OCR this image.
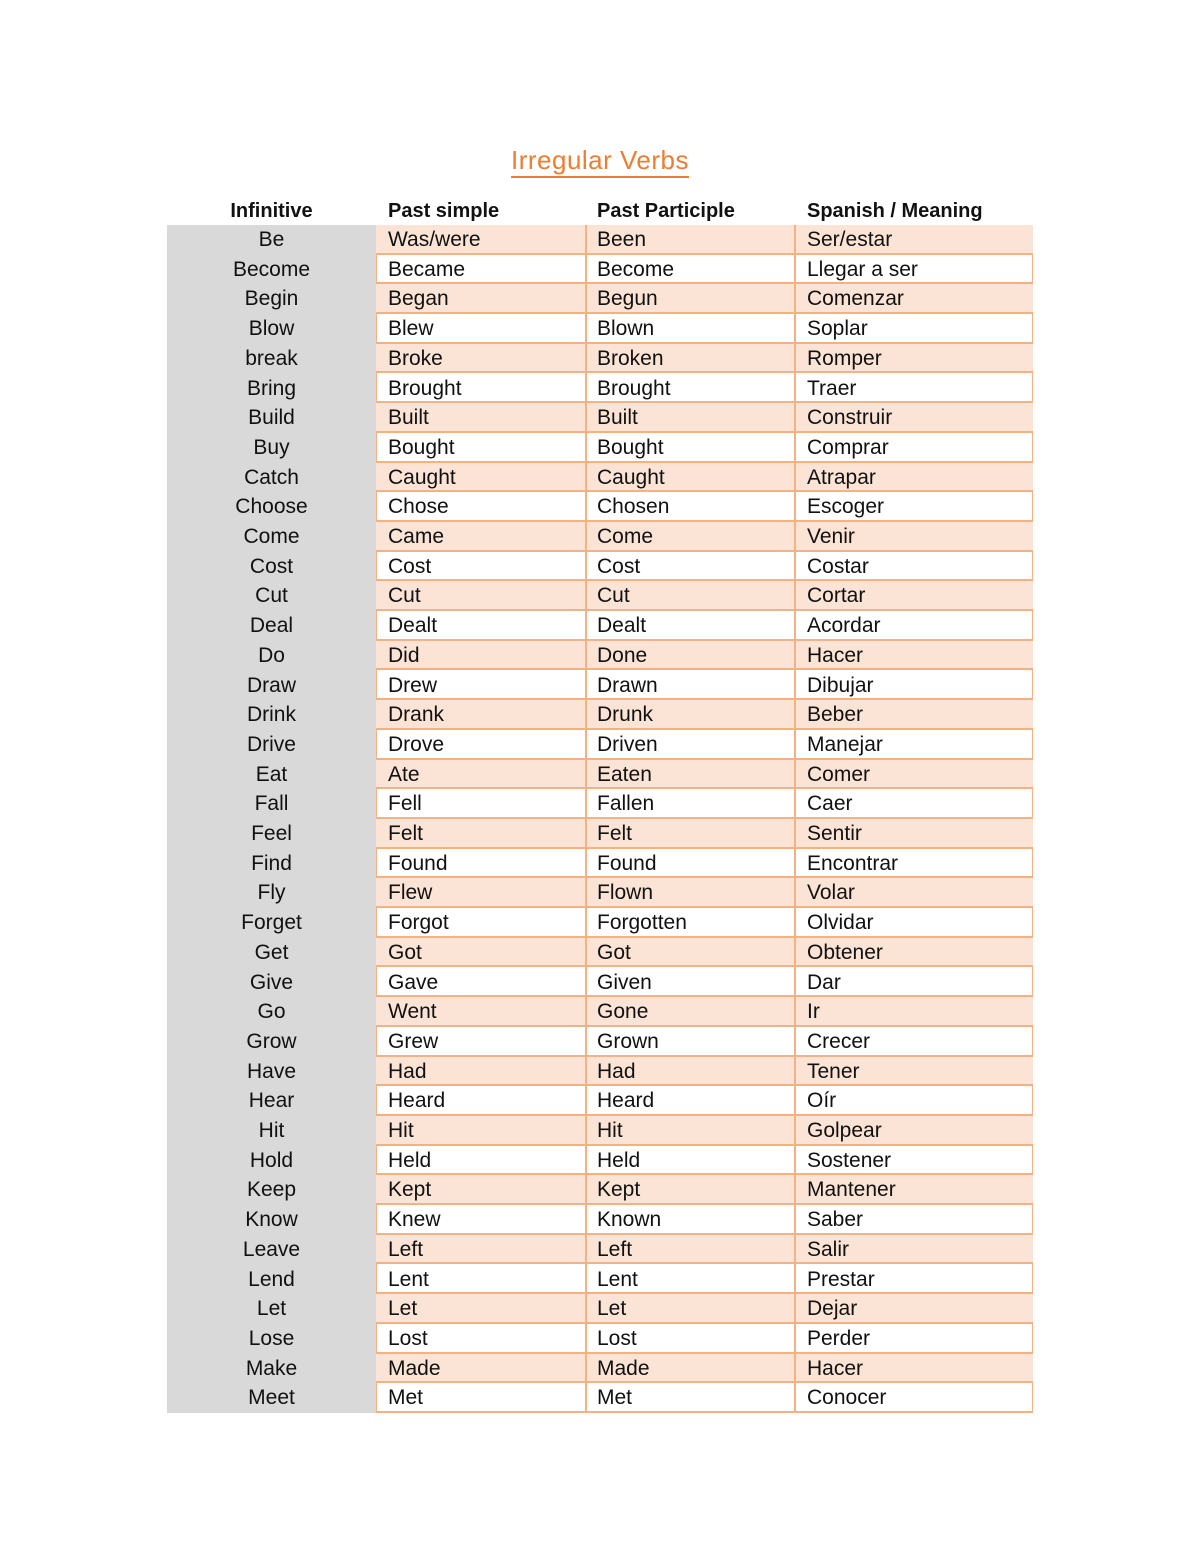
Irregular Verbs
Infinitive	Past simple	Past Participle	Spanish / Meaning
Be	Was/were	Been	Ser/estar
Become	Became	Become	Llegar a ser
Begin	Began	Begun	Comenzar
Blow	Blew	Blown	Soplar
break	Broke	Broken	Romper
Bring	Brought	Brought	Traer
Build	Built	Built	Construir
Buy	Bought	Bought	Comprar
Catch	Caught	Caught	Atrapar
Choose	Chose	Chosen	Escoger
Come	Came	Come	Venir
Cost	Cost	Cost	Costar
Cut	Cut	Cut	Cortar
Deal	Dealt	Dealt	Acordar
Do	Did	Done	Hacer
Draw	Drew	Drawn	Dibujar
Drink	Drank	Drunk	Beber
Drive	Drove	Driven	Manejar
Eat	Ate	Eaten	Comer
Fall	Fell	Fallen	Caer
Feel	Felt	Felt	Sentir
Find	Found	Found	Encontrar
Fly	Flew	Flown	Volar
Forget	Forgot	Forgotten	Olvidar
Get	Got	Got	Obtener
Give	Gave	Given	Dar
Go	Went	Gone	Ir
Grow	Grew	Grown	Crecer
Have	Had	Had	Tener
Hear	Heard	Heard	Oír
Hit	Hit	Hit	Golpear
Hold	Held	Held	Sostener
Keep	Kept	Kept	Mantener
Know	Knew	Known	Saber
Leave	Left	Left	Salir
Lend	Lent	Lent	Prestar
Let	Let	Let	Dejar
Lose	Lost	Lost	Perder
Make	Made	Made	Hacer
Meet	Met	Met	Conocer
